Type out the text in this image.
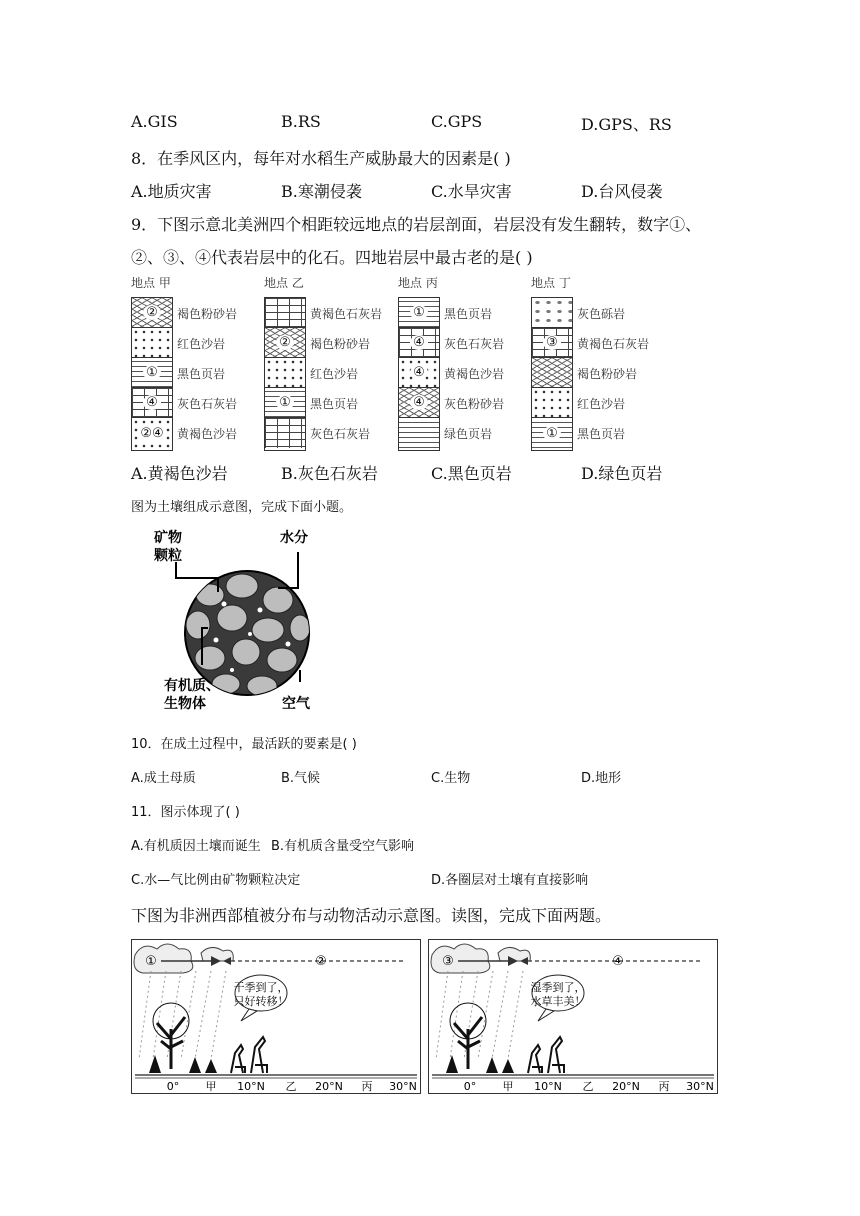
A.GIS	B.RS	C.GPS	D.GPS、RS
8．在季风区内，每年对水稻生产威胁最大的因素是( )
A.地质灾害	B.寒潮侵袭	C.水旱灾害	D.台风侵袭
9．下图示意北美洲四个相距较远地点的岩层剖面，岩层没有发生翻转，数字①、
②、③、④代表岩层中的化石。四地岩层中最古老的是( )
地点 甲
褐色粉砂岩
红色沙岩
黑色页岩
灰色石灰岩
黄褐色沙岩
②
①
④
②④
地点 乙
黄褐色石灰岩
褐色粉砂岩
红色沙岩
黑色页岩
灰色石灰岩
②
①
地点 丙
黑色页岩
灰色石灰岩
黄褐色沙岩
灰色粉砂岩
绿色页岩
①
④
④
④
地点 丁
灰色砾岩
黄褐色石灰岩
褐色粉砂岩
红色沙岩
黑色页岩
③
①
A.黄褐色沙岩	B.灰色石灰岩	C.黑色页岩	D.绿色页岩
图为土壤组成示意图，完成下面小题。
矿物
颗粒
水分
有机质、
生物体	空气
10．在成土过程中，最活跃的要素是( )
A.成土母质	B.气候	C.生物	D.地形
11．图示体现了( )
A.有机质因土壤而诞生 B.有机质含量受空气影响
C.水—气比例由矿物颗粒决定	D.各圈层对土壤有直接影响
下图为非洲西部植被分布与动物活动示意图。读图，完成下面两题。
①	②
干季到了，
只好转移！
0° 甲 10°N 乙 20°N 丙 30°N
③	④
湿季到了，
水草丰美！
0° 甲 10°N 乙 20°N 丙 30°N
